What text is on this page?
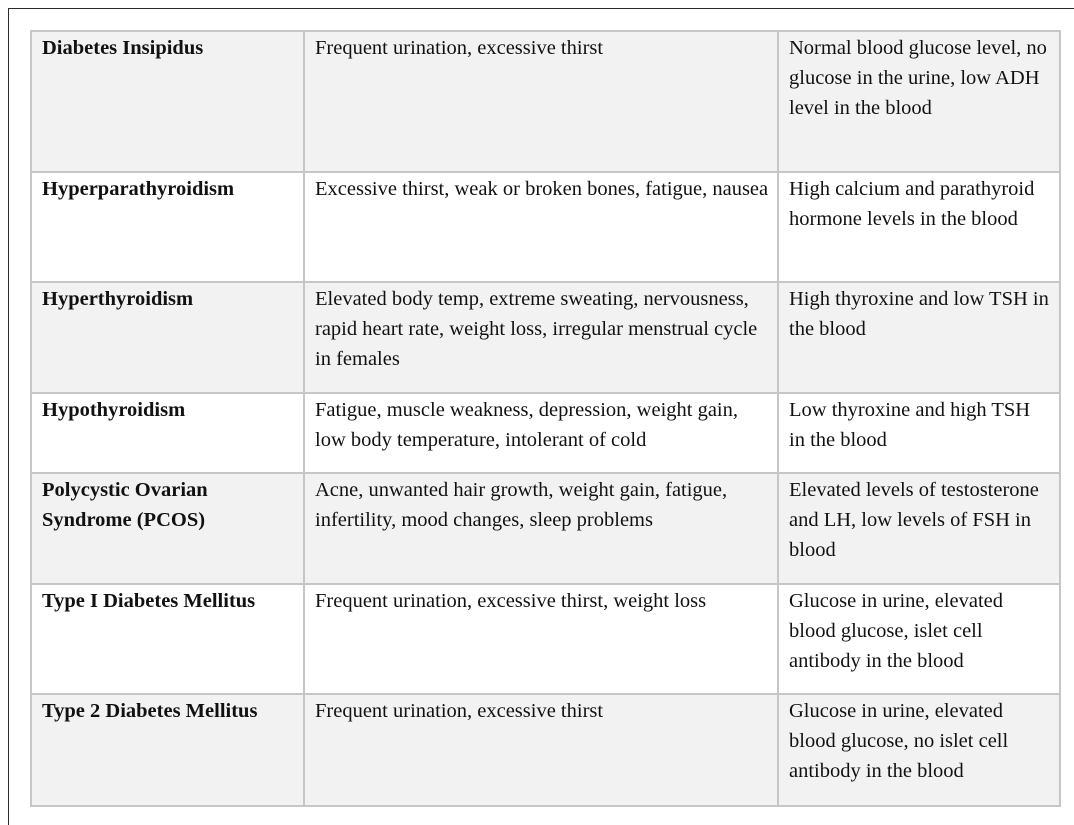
Diabetes Insipidus	Frequent urination, excessive thirst	Normal blood glucose level, no glucose in the urine, low ADH level in the blood
Hyperparathyroidism	Excessive thirst, weak or broken bones, fatigue, nausea	High calcium and parathyroid hormone levels in the blood
Hyperthyroidism	Elevated body temp, extreme sweating, nervousness, rapid heart rate, weight loss, irregular menstrual cycle in females	High thyroxine and low TSH in the blood
Hypothyroidism	Fatigue, muscle weakness, depression, weight gain, low body temperature, intolerant of cold	Low thyroxine and high TSH in the blood
Polycystic Ovarian Syndrome (PCOS)	Acne, unwanted hair growth, weight gain, fatigue, infertility, mood changes, sleep problems	Elevated levels of testosterone and LH, low levels of FSH in blood
Type I Diabetes Mellitus	Frequent urination, excessive thirst, weight loss	Glucose in urine, elevated blood glucose, islet cell antibody in the blood
Type 2 Diabetes Mellitus	Frequent urination, excessive thirst	Glucose in urine, elevated blood glucose, no islet cell antibody in the blood
